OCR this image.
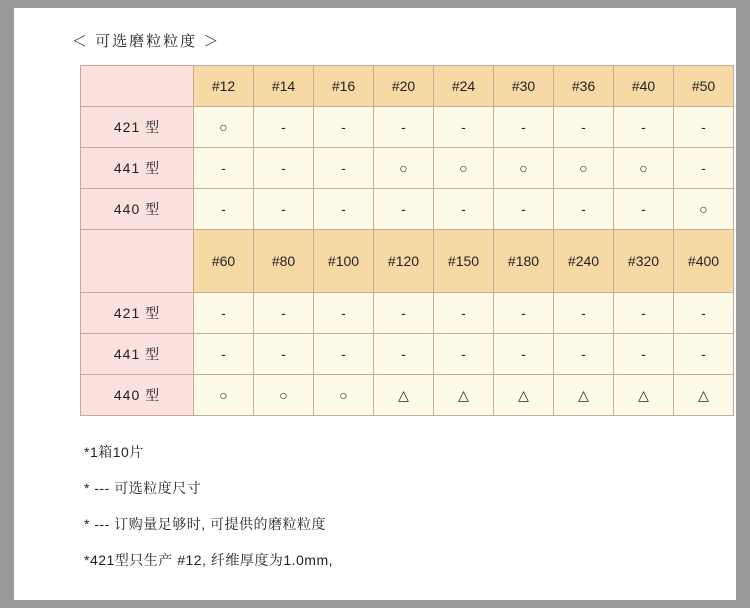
＜ 可选磨粒粒度 ＞
	#12	#14	#16	#20	#24	#30	#36	#40	#50
421 型	○	-	-	-	-	-	-	-	-
441 型	-	-	-	○	○	○	○	○	-
440 型	-	-	-	-	-	-	-	-	○
	#60	#80	#100	#120	#150	#180	#240	#320	#400
421 型	-	-	-	-	-	-	-	-	-
441 型	-	-	-	-	-	-	-	-	-
440 型	○	○	○	△	△	△	△	△	△
*1箱10片
* --- 可选粒度尺寸
* --- 订购量足够时, 可提供的磨粒粒度
*421型只生产 #12, 纤维厚度为1.0mm,
